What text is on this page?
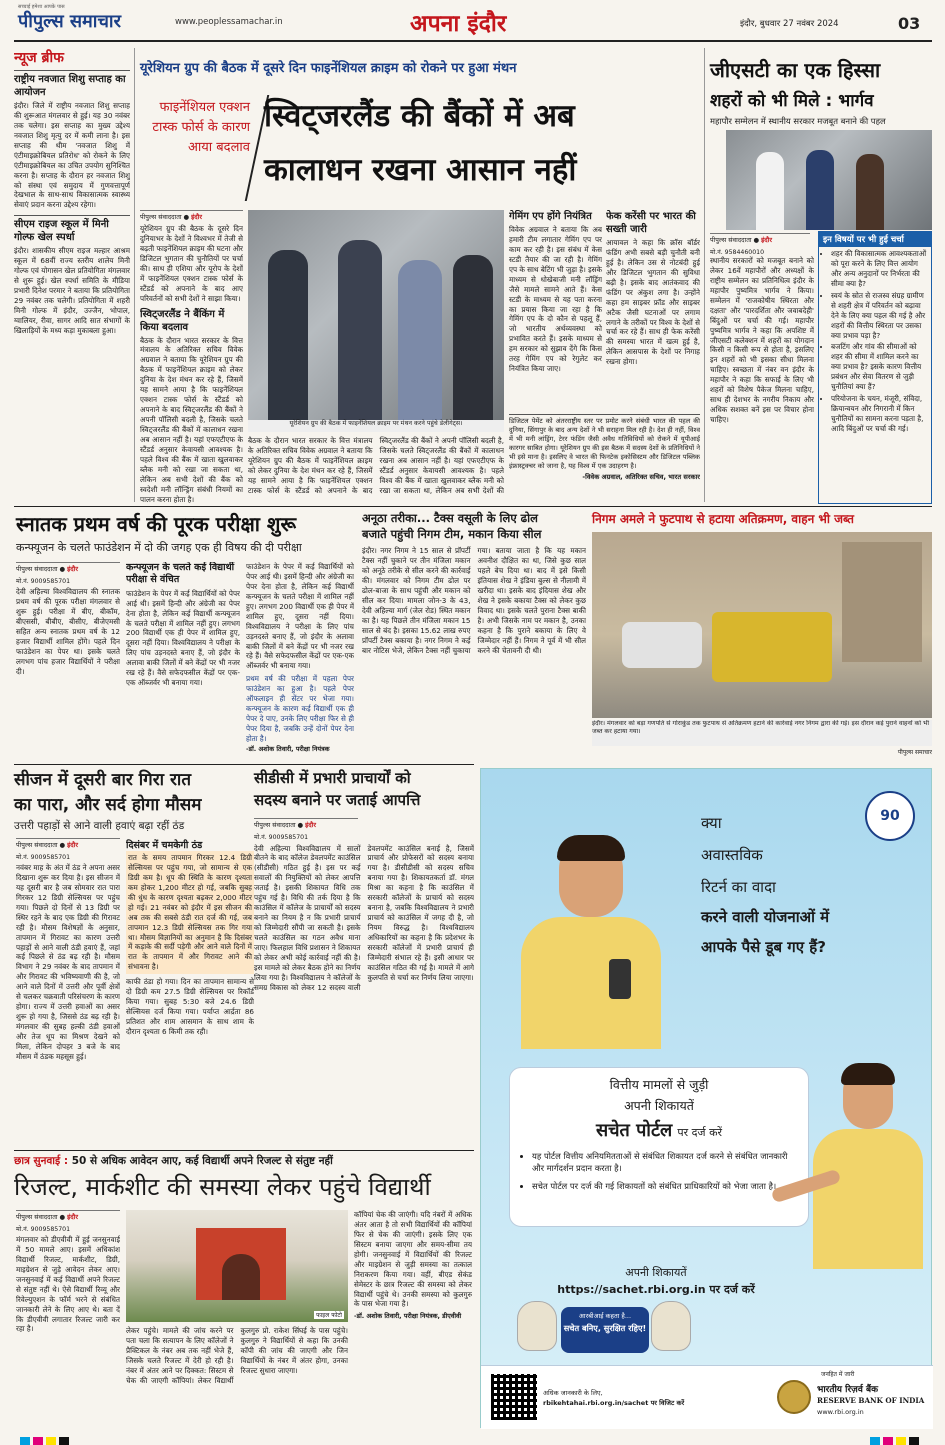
पीपुल्स समाचार
सच्चाई हमेशा आपके पास
www.peoplessamachar.in	अपना इंदौर	इंदौर, बुधवार 27 नवंबर 2024	03
न्यूज ब्रीफ
राष्ट्रीय नवजात शिशु सप्ताह का आयोजन

इंदौर। जिले में राष्ट्रीय नवजात शिशु सप्ताह की शुरूआत मंगलवार से हुई। यह 30 नवंबर तक चलेगा। इस सप्ताह का मुख्य उद्देश्य नवजात शिशु मृत्यु दर में कमी लाना है। इस सप्ताह की थीम 'नवजात शिशु में एंटीमाइक्रोबियल प्रतिरोध' को रोकने के लिए एंटीमाइक्रोबियल का उचित उपयोग सुनिश्चित करना है। सप्ताह के दौरान हर नवजात शिशु को संस्था एवं समुदाय में गुणवत्तापूर्ण देखभाल के साथ-साथ विकासात्मक स्वास्थ्य सेवाएं प्रदान करना उद्देश्य रहेगा।

सीएम राइज स्कूल में मिनी गोल्फ खेल स्पर्धा

इंदौर। शासकीय सीएम राइज मल्हार आश्रम स्कूल में 68वीं राज्य स्तरीय शालेय मिनी गोल्फ एवं योगासन खेल प्रतियोगिता मंगलवार से शुरू हुई। खेल स्पर्धा समिति के मीडिया प्रभारी दिनेश परमार ने बताया कि प्रतियोगिता 29 नवंबर तक चलेगी। प्रतियोगिता में शहरी मिनी गोल्फ में इंदौर, उज्जैन, भोपाल, ग्वालियर, रीवा, सागर आदि सात संभागों के खिलाड़ियों के मध्य कड़ा मुकाबला हुआ।

यूरेशियन ग्रुप की बैठक में दूसरे दिन फाइनेंशियल क्राइम को रोकने पर हुआ मंथन
फाइनेंशियल एक्शन टास्क फोर्स के कारण आया बदलाव
स्विट्जरलैंड की बैंकों में अब
कालाधन रखना आसान नहीं
पीपुल्स संवाददाता ● इंदौर

यूरेशियन ग्रुप की बैठक के दूसरे दिन दुनियाभर के देशों ने विश्वभर में तेजी से बढ़ती फाइनेंशियल क्राइम की घटना और डिजिटल भुगतान की चुनौतियों पर चर्चा की। साथ ही एशिया और यूरोप के देशों में फाइनेंशियल एक्शन टास्क फोर्स के स्टैंडर्ड को अपनाने के बाद आए परिवर्तनों को सभी देशों ने साझा किया।

स्विट्जरलैंड ने बैंकिंग में किया बदलाव

बैठक के दौरान भारत सरकार के वित्त मंत्रालय के अतिरिक्त सचिव विवेक अग्रवाल ने बताया कि यूरेशियन ग्रुप की बैठक में फाइनेंशियल क्राइम को लेकर दुनिया के देश मंथन कर रहे हैं, जिसमें यह सामने आया है कि फाइनेंशियल एक्शन टास्क फोर्स के स्टैंडर्ड को अपनाने के बाद स्विट्जरलैंड की बैंकों ने अपनी पॉलिसी बदली है, जिसके चलते स्विट्जरलैंड की बैंकों में कालाधन रखना अब आसान नहीं है। यहां एफएटीएफ के स्टैंडर्ड अनुसार केवायसी आवश्यक है। पहले विश्व की बैंक में खाता खुलवाकर ब्लैक मनी को रखा जा सकता था, लेकिन अब सभी देशों की बैंक को स्वदेशी मनी लॉन्ड्रिंग संबंधी नियमों का पालन करना होता है।

यूरेशियन ग्रुप की बैठक में फाइनेंशियल क्राइम पर मंथन करने पहुंचे डेलीगेट्स।

बैठक के दौरान भारत सरकार के वित्त मंत्रालय के अतिरिक्त सचिव विवेक अग्रवाल ने बताया कि यूरेशियन ग्रुप की बैठक में फाइनेंशियल क्राइम को लेकर दुनिया के देश मंथन कर रहे हैं, जिसमें यह सामने आया है कि फाइनेंशियल एक्शन टास्क फोर्स के स्टैंडर्ड को अपनाने के बाद स्विट्जरलैंड की बैंकों ने अपनी पॉलिसी बदली है, जिसके चलते स्विट्जरलैंड की बैंकों में कालाधन रखना अब आसान नहीं है। यहां एफएटीएफ के स्टैंडर्ड अनुसार केवायसी आवश्यक है। पहले विश्व की बैंक में खाता खुलवाकर ब्लैक मनी को रखा जा सकता था, लेकिन अब सभी देशों की

गेमिंग एप होंगे नियंत्रित

विवेक अग्रवाल ने बताया कि अब हमारी टीम लगातार गेमिंग एप पर काम कर रही है। इस संबंध में केस स्टडी तैयार की जा रही है। गेमिंग एप के साथ बेटिंग भी जुड़ा है। इसके माध्यम से धोखेबाजी मनी लॉड्रिंग जैसे मामले सामने आते हैं। केस स्टडी के माध्यम से यह पता करना का प्रयास किया जा रहा है कि गेमिंग एप के दो कौन से पहलू हैं, जो भारतीय अर्थव्यवस्था को प्रभावित करते हैं। इसके माध्यम से हम सरकार को सुझाव देंगे कि किस तरह गेमिंग एप को रेगुलेट कर नियंत्रित किया जाए।

फेक करेंसी पर भारत की सख्ती जारी

आयावल ने कहा कि क्रॉस बॉर्डर फंडिंग अभी सबसे बड़ी चुनौती बनी हुई है। लेकिन उस से नोटबंदी हुई और डिजिटल भुगतान की सुविधा बढ़ी है। इसके बाद आतंकवाद की फंडिंग पर अंकुश लगा है। उन्होंने कहा हम साइबर फ्रॉड और साइबर अटैक जैसी घटनाओं पर लगाम लगाने के तरीकों पर विश्व के देशों से चर्चा कर रहे हैं। साथ ही फेक करेंसी की समस्या भारत में खत्म हुई है, लेकिन आसपास के देशों पर निगाह रखना होगा।

डिजिटल पेमेंट को अंतरराष्ट्रीय स्तर पर प्रमोट करने संबंधी भारत की पहल की दुनिया, सिंगापुर के बाद अन्य देशों ने भी सराहना मिल रही है। देश ही नहीं, विश्व में भी मनी लांड्रिंग, टेरर फंडिंग जैसी अवैध गतिविधियों को रोकने में यूपीआई कारगर साबित होगा। यूरेशियन ग्रुप की इस बैठक में सदस्य देशों के प्रतिनिधियों ने भी इसे माना है। इसलिए वे भारत की फिनटेक इकोसिस्टम और डिजिटल पब्लिक इंफ्रास्ट्रक्चर को जाना है, यह विश्व में एक उदाहरण है।

-विवेक अग्रवाल, अतिरिक्त सचिव, भारत सरकार
जीएसटी का एक हिस्सा
शहरों को भी मिले : भार्गव
महापौर सम्मेलन में स्थानीय सरकार मजबूत बनाने की पहल
पीपुल्स संवाददाता ● इंदौर
मो.नं. 9584460010

स्थानीय सरकारों को मजबूत बनाने को लेकर 16वें महापौरों और अध्यक्षों के राष्ट्रीय सम्मेलन का प्रतिनिधित्व इंदौर के महापौर पुष्यमित्र भार्गव ने किया। सम्मेलन में 'राजकोषीय स्थिरता और दक्षता' और 'पारदर्शिता और जवाबदेही' बिंदुओं पर चर्चा की गई। महापौर पुष्यमित्र भार्गव ने कहा कि अपशिष्ट में जीएसटी कलेक्शन में शहरों का योगदान किसी न किसी रूप से होता है, इसलिए इन शहरों को भी इसका सीधा मिलना चाहिए। स्वच्छता में नंबर वन इंदौर के महापौर ने कहा कि सफाई के लिए भी शहरों को विशेष पैकेज मिलना चाहिए, साथ ही देशभर के नगरीय निकाय और अधिक सशक्त बनें इस पर विचार होना चाहिए।

इन विषयों पर भी हुई चर्चा
• शहर की विकासात्मक आवश्यकताओं को पूरा करने के लिए वित्त आयोग और अन्य अनुदानों पर निर्भरता की सीमा क्या है?
• स्वयं के स्रोत से राजस्व संग्रह ग्रामीण से शहरी क्षेत्र में परिवर्तन को बढ़ावा देने के लिए क्या पहल की गई है और शहरों की वित्तीय स्थिरता पर उसका क्या प्रभाव पड़ा है?
• बजटिंग और गांव की सीमाओं को शहर की सीमा में शामिल करने का क्या प्रभाव है? इसके कारण वित्तीय प्रबंधन और सेवा वितरण से जुड़ी चुनौतियां क्या हैं?
• परियोजना के चयन, मंजूरी, संविदा, क्रियान्वयन और निगरानी में किन चुनौतियों का सामना करना पड़ता है, आदि बिंदुओं पर चर्चा की गई।
स्नातक प्रथम वर्ष की पूरक परीक्षा शुरू
कन्फ्यूजन के चलते फाउंडेशन में दो की जगह एक ही विषय की दी परीक्षा
पीपुल्स संवाददाता ● इंदौर
मो.नं. 9009585701

देवी अहिल्या विश्वविद्यालय की स्नातक प्रथम वर्ष की पूरक परीक्षा मंगलवार से शुरू हुई। परीक्षा में बीए, बीकॉम, बीएससी, बीबीए, बीसीए, बीजेएमसी सहित अन्य स्नातक प्रथम वर्ष के 12 हजार विद्यार्थी शामिल होंगे। पहले दिन फाउंडेशन का पेपर था। इसके चलते लगभग पांच हजार विद्यार्थियों ने परीक्षा दी।

कन्फ्यूजन के चलते कई विद्यार्थी परीक्षा से वंचित

फाउंडेशन के पेपर में कई विद्यार्थियों को पेपर आई थी। इसमें हिन्दी और अंग्रेजी का पेपर देना होता है, लेकिन कई विद्यार्थी कन्फ्यूजन के चलते परीक्षा में शामिल नहीं हुए। लगभग 200 विद्यार्थी एक ही पेपर में शामिल हुए, दूसरा नहीं दिया। विश्वविद्यालय ने परीक्षा के लिए पांच उड़नदस्ते बनाए हैं, जो इंदौर के अलावा बाकी जिलों में बने केंद्रों पर भी नजर रख रहे हैं। वैसे सफेदफसील केंद्रों पर एक-एक ऑब्जर्वर भी बनाया गया।

फाउंडेशन के पेपर में कई विद्यार्थियों को पेपर आई थी। इसमें हिन्दी और अंग्रेजी का पेपर देना होता है, लेकिन कई विद्यार्थी कन्फ्यूजन के चलते परीक्षा में शामिल नहीं हुए। लगभग 200 विद्यार्थी एक ही पेपर में शामिल हुए, दूसरा नहीं दिया। विश्वविद्यालय ने परीक्षा के लिए पांच उड़नदस्ते बनाए हैं, जो इंदौर के अलावा बाकी जिलों में बने केंद्रों पर भी नजर रख रहे हैं। वैसे सफेदफसील केंद्रों पर एक-एक ऑब्जर्वर भी बनाया गया।

प्रथम वर्ष की परीक्षा में पहला पेपर फाउंडेशन का हुआ है। पहले पेपर ऑफलाइन ही सेंटर पर भेजा गया। कन्फ्यूजन के कारण कई विद्यार्थी एक ही पेपर दे पाए, उनके लिए परीक्षा फिर से ही पेपर दिया है, जबकि उन्हें दोनों पेपर देना होता है।

-डॉ. अशोक तिवारी, परीक्षा नियंत्रक
अनूठा तरीका... टैक्स वसूली के लिए ढोल
बजाते पहुंची निगम टीम, मकान किया सील

इंदौर। नगर निगम ने 15 साल से प्रॉपर्टी टैक्स नहीं चुकाने पर तीन मंजिला मकान को अनूठे तरीके से सील करने की कार्रवाई की। मंगलवार को निगम टीम ढोल पर ढोल-बाजा के साथ पहुंची और मकान को सील कर दिया। मामला जोन-3 के 43, देवी अहिल्या मार्ग (जेल रोड) स्थित मकान का है। यह पिछले तीन मंजिला मकान 15 साल से बंद है। इसका 15.62 लाख रुपए प्रॉपर्टी टैक्स बकाया है। नगर निगम ने कई बार नोटिस भेजे, लेकिन टैक्स नहीं चुकाया गया। बताया जाता है कि यह मकान अवनीश दौक्षित का था, जिसे कुछ साल पहले बेच दिया था। बाद में इसे किसी इंतियास शेख ने इंडिया बुल्स से नीलामी में खरीदा था। इसके बाद इंदियास शेख और शेख ने इसके बकाया टैक्स को लेकर कुछ विवाद था। इसके चलते पुराना टैक्स बाकी है। अभी जिसके नाम पर मकान है, उनका कहना है कि पुराने बकाया के लिए वे जिम्मेदार नहीं हैं। निगम ने पूर्व में भी सील करने की चेतावनी दी थी।

निगम अमले ने फुटपाथ से हटाया अतिक्रमण, वाहन भी जब्त
इंदौर। मंगलवार को बड़ा गणपति से गोराकुंड तक फुटपाथ से अतिक्रमण हटाने की कार्रवाई नगर निगम द्वारा की गई। इस दौरान कई पुराने वाहनों को भी जब्त कर हटाया गया।
पीपुल्स समाचार
सीजन में दूसरी बार गिरा रात
का पारा, और सर्द होगा मौसम
उत्तरी पहाड़ों से आने वाली हवाएं बढ़ा रहीं ठंड
पीपुल्स संवाददाता ● इंदौर
मो.नं. 9009585701

नवंबर माह के अंत में ठंड ने अपना असर दिखाना शुरू कर दिया है। इस सीजन में यह दूसरी बार है जब सोमवार रात पारा गिरकर 12 डिग्री सेल्सियस पर पहुंच गया। पिछले दो दिनों से 13 डिग्री पर स्थिर रहने के बाद एक डिग्री की गिरावट रही है। मौसम विशेषज्ञों के अनुसार, तापमान में गिरावट का कारण उत्तरी पहाड़ों से आने वाली ठंडी हवाएं हैं, जहां कई पिछले से ठंड बढ़ रही है। मौसम विभाग ने 29 नवंबर के बाद तापमान में और गिरावट की भविष्यवाणी की है, जो आने वाले दिनों में उत्तरी और पूर्वी क्षेत्रों से चलकर चक्रवाती परिसंचरण के कारण होगा। राज्य में उत्तरी हवाओं का असर शुरू हो गया है, जिससे ठंड बढ़ रही है। मंगलवार की सुबह हल्की ठंडी हवाओं और तेज धूप का मिश्रण देखने को मिला, लेकिन दोपहर 3 बजे के बाद मौसम में ठंडक महसूस हुई।

दिसंबर में चमकेगी ठंड

रात के समय तापमान गिरकर 12.4 डिग्री सेल्सियस पर पहुंच गया, जो सामान्य से एक डिग्री कम है। धूप की स्थिति के कारण दृश्यता कम होकर 1,200 मीटर हो गई, जबकि सुबह की धुंध के कारण दृश्यता बढ़कर 2,000 मीटर हो गई। 21 नवंबर को इंदौर में इस सीजन की अब तक की सबसे ठंडी रात दर्ज की गई, जब तापमान 12.3 डिग्री सेल्सियस तक गिर गया था। मौसम विज्ञानियों का अनुमान है कि दिसंबर में कड़ाके की सर्दी पड़ेगी और आने वाले दिनों में रात के तापमान में और गिरावट आने की संभावना है।

काफी ठंडा हो गया। दिन का तापमान सामान्य से दो डिग्री कम 27.5 डिग्री सेल्सियस पर रिकॉर्ड किया गया। सुबह 5:30 बजे 24.6 डिग्री सेल्सियस दर्ज किया गया। पर्याप्त आर्द्रता 86 प्रतिशत और शाम आसमान के साथ शाम के दौरान दृश्यता 6 किमी तक रही।

सीडीसी में प्रभारी प्राचार्यों को
सदस्य बनाने पर जताई आपत्ति
पीपुल्स संवाददाता ● इंदौर
मो.नं. 9009585701

देवी अहिल्या विश्वविद्यालय में सालों बीतने के बाद कॉलेज डेवलपमेंट काउंसिल (सीडीसी) गठित हुई है। इस पर कई सवालों की नियुक्तियों को लेकर आपत्ति जताई है। इसकी शिकायत विधि तक पहुंच गई है। विधि की तर्क दिया है कि काउंसिल में कॉलेज के प्राचार्यों को सदस्य बनाने का नियम है न कि प्रभारी प्राचार्य को जिम्मेदारी सौंपी जा सकती है। इसके चलते काउंसिल का गठन अवैध माना जाए। फिलहाल विधि प्रशासन ने शिकायत को लेकर अभी कोई कार्रवाई नहीं की है। इस मामले को लेकर बैठक होने का निर्णय लिया गया है। विश्वविद्यालय ने कॉलेजों के समग्र विकास को लेकर 12 सदस्य वाली डेवलपमेंट काउंसिल बनाई है, जिसमें प्राचार्य और प्रोफेसरों को सदस्य बनाया गया है। डीसीडीसी को सदस्य सचिव बनाया गया है। शिकायतकर्ता डॉ. मंगल मिश्रा का कहना है कि काउंसिल में सरकारी कॉलेजों के प्राचार्य को सदस्य बनाना है, जबकि विश्वविद्यालय ने प्रभारी प्राचार्य को काउंसिल में जगह दी है, जो नियम विरुद्ध है। विश्वविद्यालय अधिकारियों का कहना है कि प्रदेशभर के सरकारी कॉलेजों में प्रभारी प्राचार्य ही जिम्मेदारी संभाल रहे हैं। इसी आधार पर काउंसिल गठित की गई है। मामले में आगे कुलपति से चर्चा कर निर्णय लिया जाएगा।

छात्र सुनवाई : 50 से अधिक आवेदन आए, कई विद्यार्थी अपने रिजल्ट से संतुष्ट नहीं
रिजल्ट, मार्कशीट की समस्या लेकर पहुंचे विद्यार्थी
पीपुल्स संवाददाता ● इंदौर
मो.नं. 9009585701

मंगलवार को डीएवीवी में हुई जनसुनवाई में 50 मामले आए। इसमें अधिकांश विद्यार्थी रिजल्ट, मार्कशीट, डिग्री, माइग्रेशन से जुड़े आवेदन लेकर आए। जनसुनवाई में कई विद्यार्थी अपने रिजल्ट से संतुष्ट नहीं थे। ऐसे विद्यार्थी रिव्यू और रिवेल्युएशन के फॉर्म भरने से संबंधित जानकारी लेने के लिए आए थे। बता दें कि डीएवीवी लगातार रिजल्ट जारी कर रहा है।

फाइल फोटो

लेकर पहुंचे। मामले की जांच करने पर पता चला कि सत्यापन के लिए कॉलेजों ने प्रैक्टिकल के नंबर अब तक नहीं भेजे हैं, जिसके चलते रिजल्ट में देरी हो रही है। नंबर में अंतर आने पर दिक्कत: सिस्टम से चेक की जाएगी कॉपियां। लेकर विद्यार्थी कुलगुरु प्रो. राकेश सिंघई के पास पहुंचे। कुलगुरु ने विद्यार्थियों से कहा कि उनकी कॉपी की जांच की जाएगी और जिन विद्यार्थियों के नंबर में अंतर होगा, उनका रिजल्ट सुधारा जाएगा।

कॉपियां चेक की जाएंगी। यदि नंबरों में अधिक अंतर आता है तो सभी विद्यार्थियों की कॉपियां फिर से चेक की जाएंगी। इसके लिए एक सिस्टम बनाया जाएगा और समय-सीमा तय होगी। जनसुनवाई में विद्यार्थियों की रिजल्ट और माइग्रेशन से जुड़ी समस्या का तत्काल निराकरण किया गया। वहीं, बीएड सेकंड सेमेस्टर के छात्र रिजल्ट की समस्या को लेकर विद्यार्थी पहुंचे थे। उनकी समस्या को कुलगुरु के पास भेजा गया है।

-डॉ. अशोक तिवारी, परीक्षा नियंत्रक, डीएवीवी
90
क्या
अवास्तविक
रिटर्न का वादा
करने वाली योजनाओं में
आपके पैसे डूब गए हैं?
वित्तीय मामलों से जुड़ी
अपनी शिकायतें
सचेत पोर्टल पर दर्ज करें
• यह पोर्टल वित्तीय अनियमितताओं से संबंधित शिकायत दर्ज करने से संबंधित जानकारी और मार्गदर्शन प्रदान करता है।
• सचेत पोर्टल पर दर्ज की गई शिकायतों को संबंधित प्राधिकारियों को भेजा जाता है।
अपनी शिकायतें
https://sachet.rbi.org.in पर दर्ज करें
आरबीआई कहता है...
सचेत बनिए, सुरक्षित रहिए!
अधिक जानकारी के लिए,
rbikehtahai.rbi.org.in/sachet पर विजिट करें
जनहित में जारी
भारतीय रिज़र्व बैंक
RESERVE BANK OF INDIA
www.rbi.org.in
